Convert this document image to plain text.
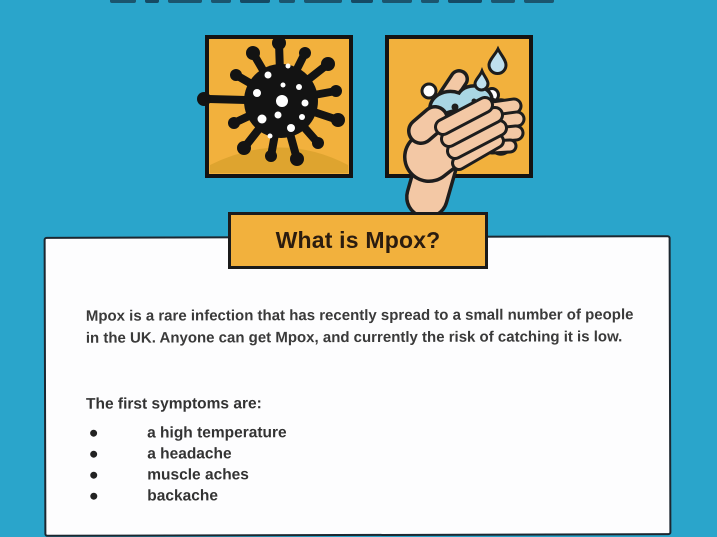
Mpox is a rare infection that has recently spread to a small number of people in the UK. Anyone can get Mpox, and currently the risk of catching it is low.

The first symptoms are:

a high temperature
a headache
muscle aches
backache
What is Mpox?
